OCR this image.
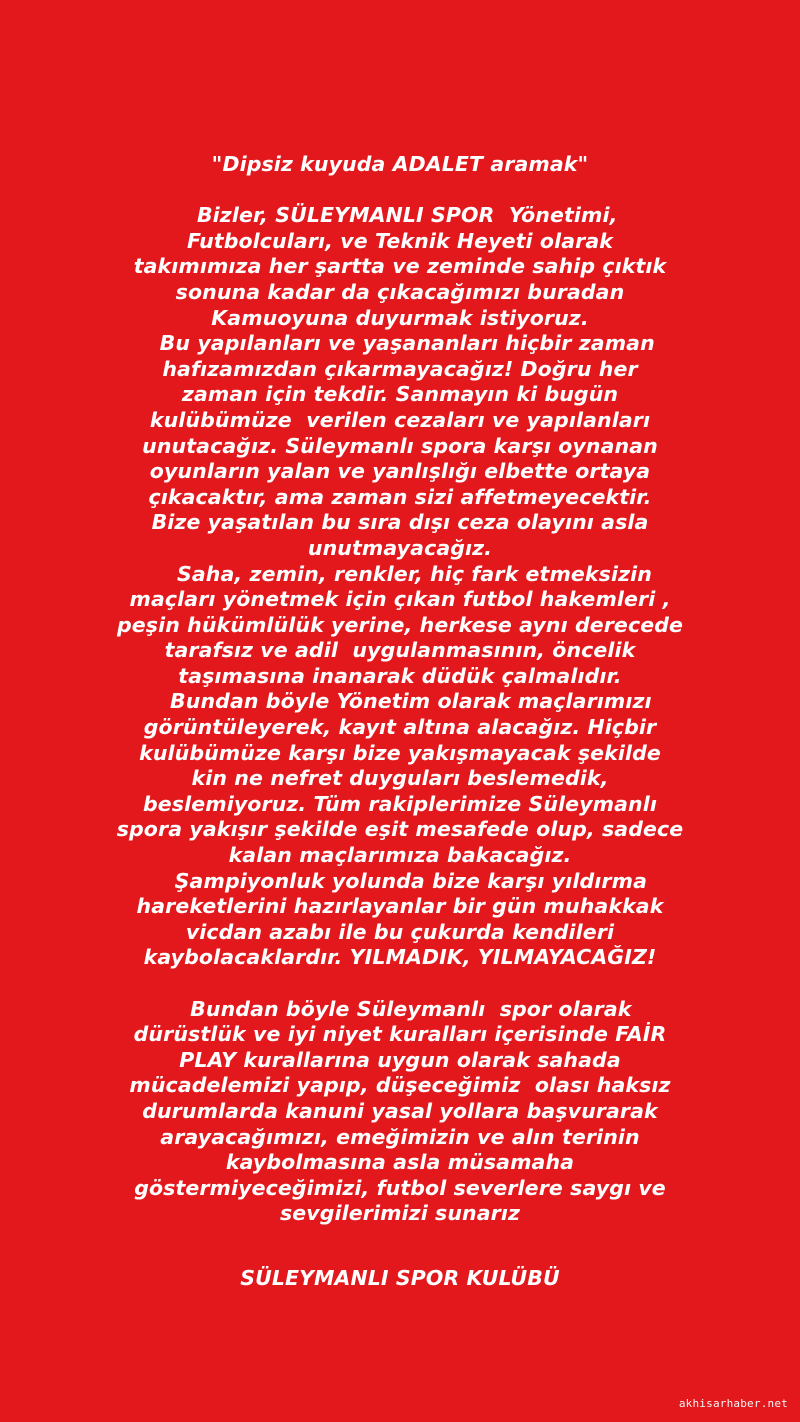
"Dipsiz kuyuda ADALET aramak"
Bizler, SÜLEYMANLI SPOR  Yönetimi,
Futbolcuları, ve Teknik Heyeti olarak
takımımıza her şartta ve zeminde sahip çıktık
sonuna kadar da çıkacağımızı buradan
Kamuoyuna duyurmak istiyoruz.
Bu yapılanları ve yaşananları hiçbir zaman
hafızamızdan çıkarmayacağız! Doğru her
zaman için tekdir. Sanmayın ki bugün
kulübümüze  verilen cezaları ve yapılanları
unutacağız. Süleymanlı spora karşı oynanan
oyunların yalan ve yanlışlığı elbette ortaya
çıkacaktır, ama zaman sizi affetmeyecektir.
Bize yaşatılan bu sıra dışı ceza olayını asla
unutmayacağız.
Saha, zemin, renkler, hiç fark etmeksizin
maçları yönetmek için çıkan futbol hakemleri ,
peşin hükümlülük yerine, herkese aynı derecede
tarafsız ve adil  uygulanmasının, öncelik
taşımasına inanarak düdük çalmalıdır.
Bundan böyle Yönetim olarak maçlarımızı
görüntüleyerek, kayıt altına alacağız. Hiçbir
kulübümüze karşı bize yakışmayacak şekilde
kin ne nefret duyguları beslemedik,
beslemiyoruz. Tüm rakiplerimize Süleymanlı
spora yakışır şekilde eşit mesafede olup, sadece
kalan maçlarımıza bakacağız.
Şampiyonluk yolunda bize karşı yıldırma
hareketlerini hazırlayanlar bir gün muhakkak
vicdan azabı ile bu çukurda kendileri
kaybolacaklardır. YILMADIK, YILMAYACAĞIZ!
Bundan böyle Süleymanlı  spor olarak
dürüstlük ve iyi niyet kuralları içerisinde FAİR
PLAY kurallarına uygun olarak sahada
mücadelemizi yapıp, düşeceğimiz  olası haksız
durumlarda kanuni yasal yollara başvurarak
arayacağımızı, emeğimizin ve alın terinin
kaybolmasına asla müsamaha
göstermiyeceğimizi, futbol severlere saygı ve
sevgilerimizi sunarız
SÜLEYMANLI SPOR KULÜBÜ
akhisarhaber.net
